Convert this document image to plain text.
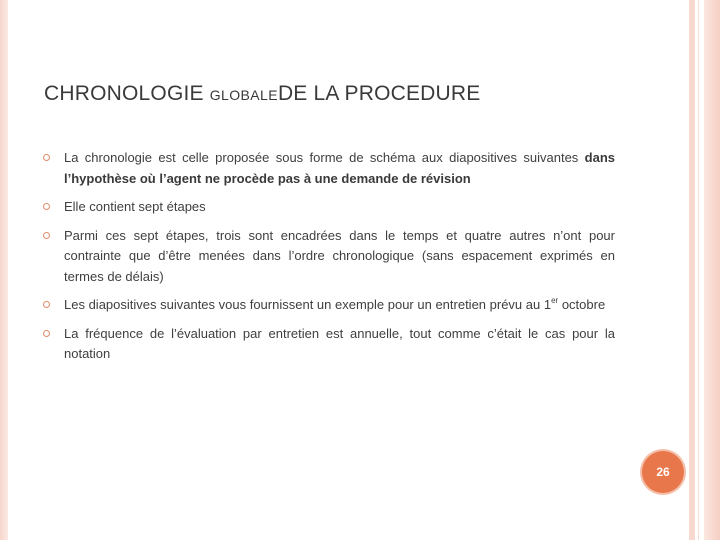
CHRONOLOGIE GLOBALEDE LA PROCEDURE
La chronologie est celle proposée sous forme de schéma aux diapositives suivantes dans l’hypothèse où l’agent ne procède pas à une demande de révision
Elle contient sept étapes
Parmi ces sept étapes, trois sont encadrées dans le temps et quatre autres n’ont pour contrainte que d’être menées dans l’ordre chronologique (sans espacement exprimés en termes de délais)
Les diapositives suivantes vous fournissent un exemple pour un entretien prévu au 1er octobre
La fréquence de l’évaluation par entretien est annuelle, tout comme c’était le cas pour la notation
26
